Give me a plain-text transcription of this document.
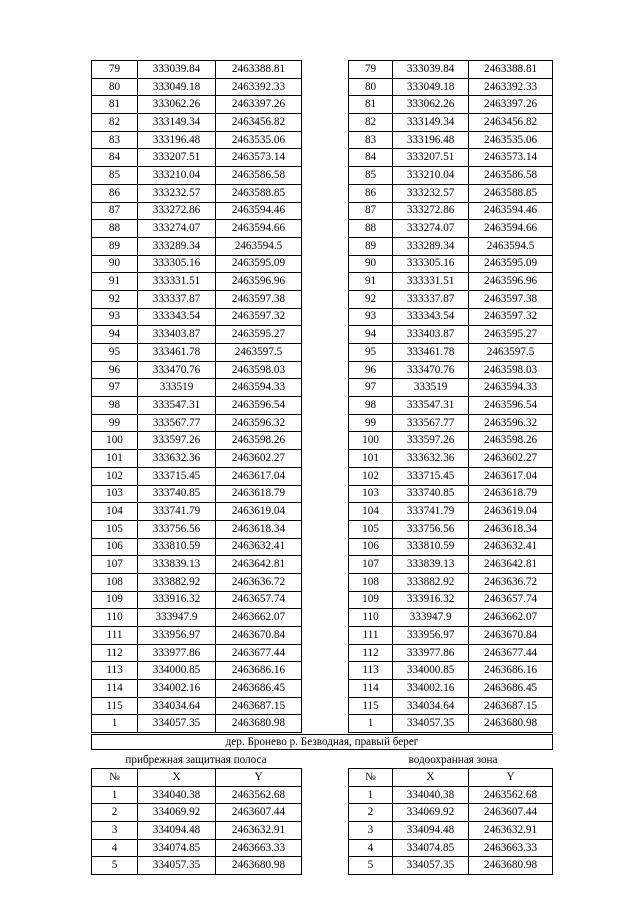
79	333039.84	2463388.81
80	333049.18	2463392.33
81	333062.26	2463397.26
82	333149.34	2463456.82
83	333196.48	2463535.06
84	333207.51	2463573.14
85	333210.04	2463586.58
86	333232.57	2463588.85
87	333272.86	2463594.46
88	333274.07	2463594.66
89	333289.34	2463594.5
90	333305.16	2463595.09
91	333331.51	2463596.96
92	333337.87	2463597.38
93	333343.54	2463597.32
94	333403.87	2463595.27
95	333461.78	2463597.5
96	333470.76	2463598.03
97	333519	2463594.33
98	333547.31	2463596.54
99	333567.77	2463596.32
100	333597.26	2463598.26
101	333632.36	2463602.27
102	333715.45	2463617.04
103	333740.85	2463618.79
104	333741.79	2463619.04
105	333756.56	2463618.34
106	333810.59	2463632.41
107	333839.13	2463642.81
108	333882.92	2463636.72
109	333916.32	2463657.74
110	333947.9	2463662.07
111	333956.97	2463670.84
112	333977.86	2463677.44
113	334000.85	2463686.16
114	334002.16	2463686.45
115	334034.64	2463687.15
1	334057.35	2463680.98
79	333039.84	2463388.81
80	333049.18	2463392.33
81	333062.26	2463397.26
82	333149.34	2463456.82
83	333196.48	2463535.06
84	333207.51	2463573.14
85	333210.04	2463586.58
86	333232.57	2463588.85
87	333272.86	2463594.46
88	333274.07	2463594.66
89	333289.34	2463594.5
90	333305.16	2463595.09
91	333331.51	2463596.96
92	333337.87	2463597.38
93	333343.54	2463597.32
94	333403.87	2463595.27
95	333461.78	2463597.5
96	333470.76	2463598.03
97	333519	2463594.33
98	333547.31	2463596.54
99	333567.77	2463596.32
100	333597.26	2463598.26
101	333632.36	2463602.27
102	333715.45	2463617.04
103	333740.85	2463618.79
104	333741.79	2463619.04
105	333756.56	2463618.34
106	333810.59	2463632.41
107	333839.13	2463642.81
108	333882.92	2463636.72
109	333916.32	2463657.74
110	333947.9	2463662.07
111	333956.97	2463670.84
112	333977.86	2463677.44
113	334000.85	2463686.16
114	334002.16	2463686.45
115	334034.64	2463687.15
1	334057.35	2463680.98
дер. Бронево р. Безводная, правый берег
прибрежная защитная полоса	водоохранная зона
№	X	Y
1	334040.38	2463562.68
2	334069.92	2463607.44
3	334094.48	2463632.91
4	334074.85	2463663.33
5	334057.35	2463680.98
№	X	Y
1	334040.38	2463562.68
2	334069.92	2463607.44
3	334094.48	2463632.91
4	334074.85	2463663.33
5	334057.35	2463680.98
